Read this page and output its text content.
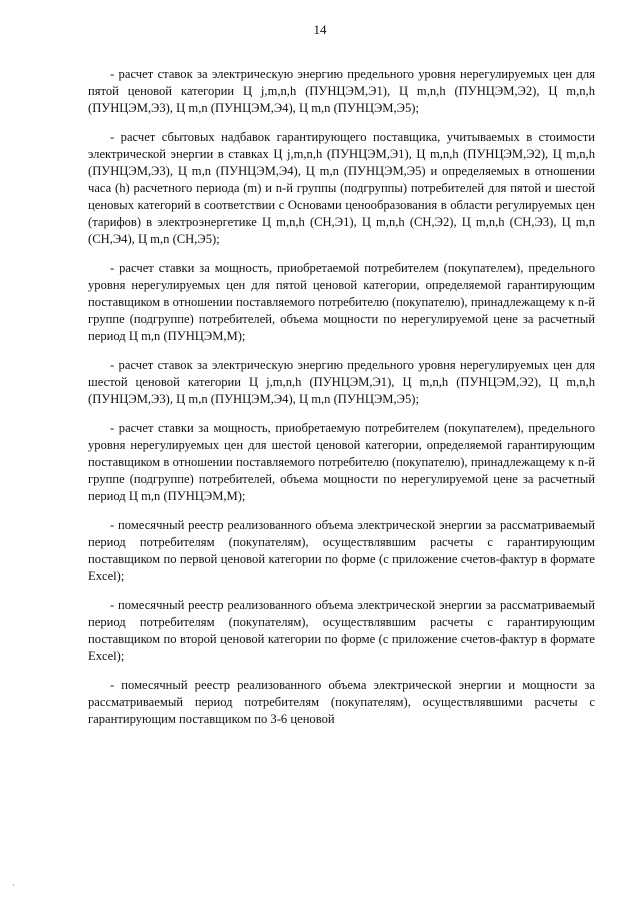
14

- расчет ставок за электрическую энергию предельного уровня нерегулируемых цен для пятой ценовой категории Ц j,m,n,h (ПУНЦЭМ,Э1), Ц m,n,h (ПУНЦЭМ,Э2), Ц m,n,h (ПУНЦЭМ,Э3), Ц m,n (ПУНЦЭМ,Э4), Ц m,n (ПУНЦЭМ,Э5);

- расчет сбытовых надбавок гарантирующего поставщика, учитываемых в стоимости электрической энергии в ставках Ц j,m,n,h (ПУНЦЭМ,Э1), Ц m,n,h (ПУНЦЭМ,Э2), Ц m,n,h (ПУНЦЭМ,Э3), Ц m,n (ПУНЦЭМ,Э4), Ц m,n (ПУНЦЭМ,Э5) и определяемых в отношении часа (h) расчетного периода (m) и n-й группы (подгруппы) потребителей для пятой и шестой ценовых категорий в соответствии с Основами ценообразования в области регулируемых цен (тарифов) в электроэнергетике Ц m,n,h (СН,Э1), Ц m,n,h (СН,Э2), Ц m,n,h (СН,Э3), Ц m,n (СН,Э4), Ц m,n (СН,Э5);

- расчет ставки за мощность, приобретаемой потребителем (покупателем), предельного уровня нерегулируемых цен для пятой ценовой категории, определяемой гарантирующим поставщиком в отношении поставляемого потребителю (покупателю), принадлежащему к n-й группе (подгруппе) потребителей, объема мощности по нерегулируемой цене за расчетный период Ц m,n (ПУНЦЭМ,М);

- расчет ставок за электрическую энергию предельного уровня нерегулируемых цен для шестой ценовой категории Ц j,m,n,h (ПУНЦЭМ,Э1), Ц m,n,h (ПУНЦЭМ,Э2), Ц m,n,h (ПУНЦЭМ,Э3), Ц m,n (ПУНЦЭМ,Э4), Ц m,n (ПУНЦЭМ,Э5);

- расчет ставки за мощность, приобретаемую потребителем (покупателем), предельного уровня нерегулируемых цен для шестой ценовой категории, определяемой гарантирующим поставщиком в отношении поставляемого потребителю (покупателю), принадлежащему к n-й группе (подгруппе) потребителей, объема мощности по нерегулируемой цене за расчетный период Ц m,n (ПУНЦЭМ,М);

- помесячный реестр реализованного объема электрической энергии за рассматриваемый период потребителям (покупателям), осуществлявшим расчеты с гарантирующим поставщиком по первой ценовой категории по форме (с приложение счетов-фактур в формате Excel);

- помесячный реестр реализованного объема электрической энергии за рассматриваемый период потребителям (покупателям), осуществлявшим расчеты с гарантирующим поставщиком по второй ценовой категории по форме (с приложение счетов-фактур в формате Excel);

- помесячный реестр реализованного объема электрической энергии и мощности за рассматриваемый период потребителям (покупателям), осуществлявшими расчеты с гарантирующим поставщиком по 3-6 ценовой

·
